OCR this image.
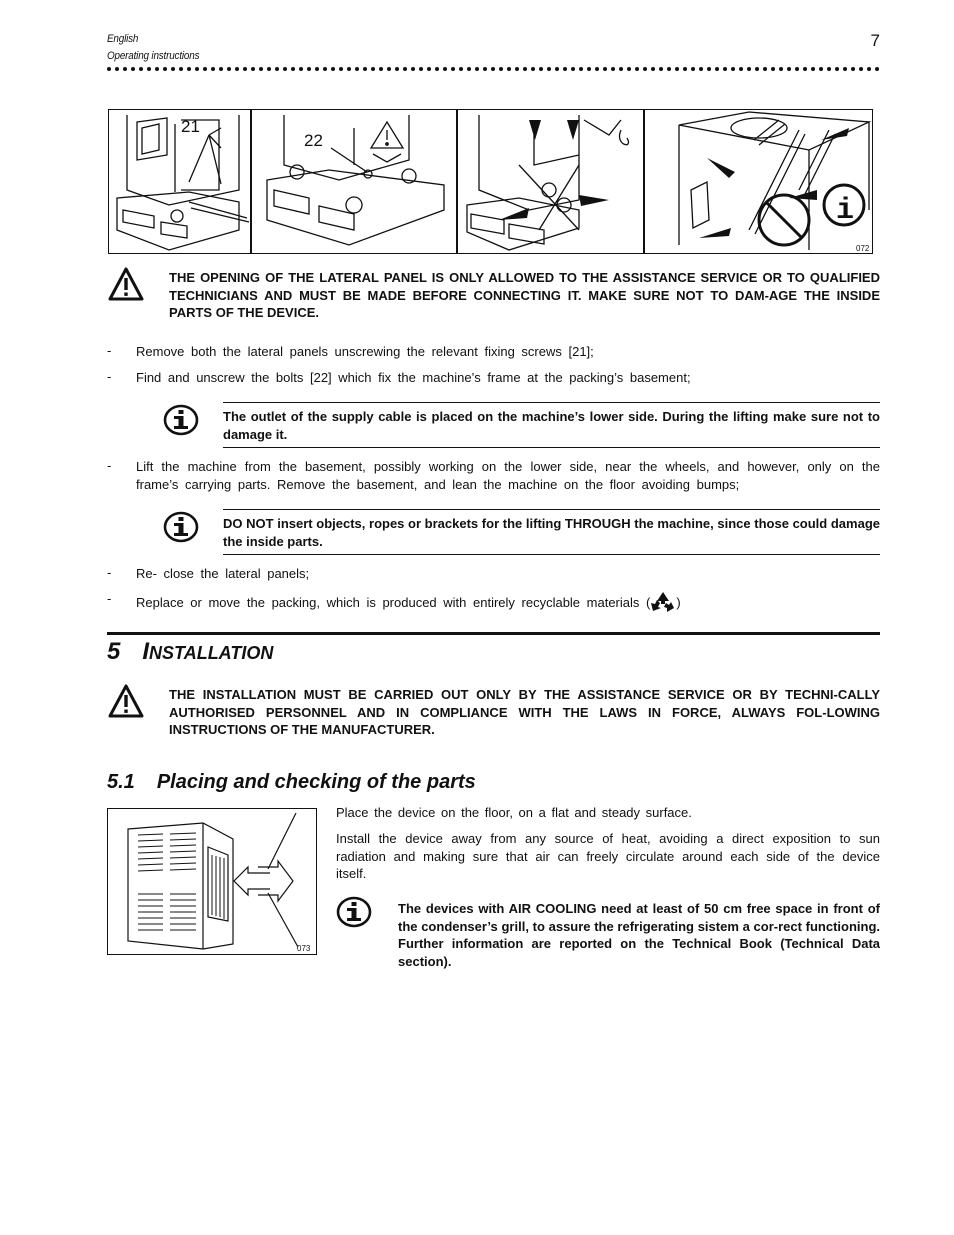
English
Operating instructions
7
21
22
i
072
THE OPENING OF THE LATERAL PANEL IS ONLY ALLOWED TO THE ASSISTANCE SERVICE OR TO QUALIFIED TECHNICIANS AND MUST BE MADE BEFORE CONNECTING IT. MAKE SURE NOT TO DAM-AGE THE INSIDE PARTS OF THE DEVICE.
- Remove both the lateral panels unscrewing the relevant fixing screws [21];
- Find and unscrew the bolts [22] which fix the machine’s frame at the packing’s basement;
The outlet of the supply cable is placed on the machine’s lower side. During the lifting make sure not to damage it.
- Lift the machine from the basement, possibly working on the lower side, near the wheels, and however, only on the frame’s carrying parts. Remove the basement, and lean the machine on the floor avoiding bumps;
DO NOT insert objects, ropes or brackets for the lifting THROUGH the machine, since those could damage the inside parts.
- Re- close the lateral panels;
- Replace or move the packing, which is produced with entirely recyclable materials ( )
5 INSTALLATION
THE INSTALLATION MUST BE CARRIED OUT ONLY BY THE ASSISTANCE SERVICE OR BY TECHNI-CALLY AUTHORISED PERSONNEL AND IN COMPLIANCE WITH THE LAWS IN FORCE, ALWAYS FOL-LOWING INSTRUCTIONS OF THE MANUFACTURER.
5.1 Placing and checking of the parts
073
Place the device on the floor, on a flat and steady surface.
Install the device away from any source of heat, avoiding a direct exposition to sun radiation and making sure that air can freely circulate around each side of the device itself.
The devices with AIR COOLING need at least of 50 cm free space in front of the condenser’s grill, to assure the refrigerating sistem a cor-rect functioning. Further information are reported on the Technical Book (Technical Data section).
